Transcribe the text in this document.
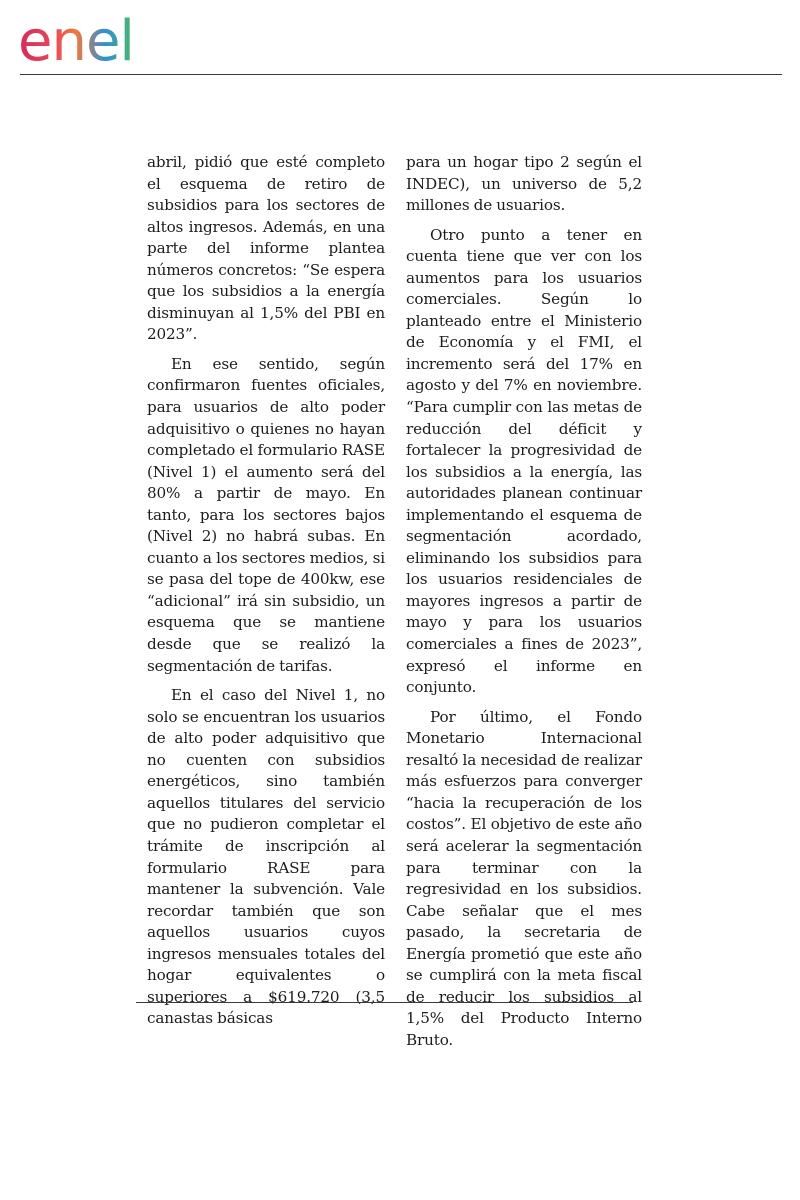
enel

abril, pidió que esté completo el esquema de retiro de subsidios para los sectores de altos ingresos. Además, en una parte del informe plantea números concretos: “Se espera que los subsidios a la energía disminuyan al 1,5% del PBI en 2023”.

En ese sentido, según confirmaron fuentes oficiales, para usuarios de alto poder adquisitivo o quienes no hayan completado el formulario RASE (Nivel 1) el aumento será del 80% a partir de mayo. En tanto, para los sectores bajos (Nivel 2) no habrá subas. En cuanto a los sectores medios, si se pasa del tope de 400kw, ese “adicional” irá sin subsidio, un esquema que se mantiene desde que se realizó la segmentación de tarifas.

En el caso del Nivel 1, no solo se encuentran los usuarios de alto poder adquisitivo que no cuenten con subsidios energéticos, sino también aquellos titulares del servicio que no pudieron completar el trámite de inscripción al formulario RASE para mantener la subvención. Vale recordar también que son aquellos usuarios cuyos ingresos mensuales totales del hogar equivalentes o superiores a $619.720 (3,5 canastas básicas

para un hogar tipo 2 según el INDEC), un universo de 5,2 millones de usuarios.

Otro punto a tener en cuenta tiene que ver con los aumentos para los usuarios comerciales. Según lo planteado entre el Ministerio de Economía y el FMI, el incremento será del 17% en agosto y del 7% en noviembre. “Para cumplir con las metas de reducción del déficit y fortalecer la progresividad de los subsidios a la energía, las autoridades planean continuar implementando el esquema de segmentación acordado, eliminando los subsidios para los usuarios residenciales de mayores ingresos a partir de mayo y para los usuarios comerciales a fines de 2023”, expresó el informe en conjunto.

Por último, el Fondo Monetario Internacional resaltó la necesidad de realizar más esfuerzos para converger “hacia la recuperación de los costos”. El objetivo de este año será acelerar la segmentación para terminar con la regresividad en los subsidios. Cabe señalar que el mes pasado, la secretaria de Energía prometió que este año se cumplirá con la meta fiscal de reducir los subsidios al 1,5% del Producto Interno Bruto.
